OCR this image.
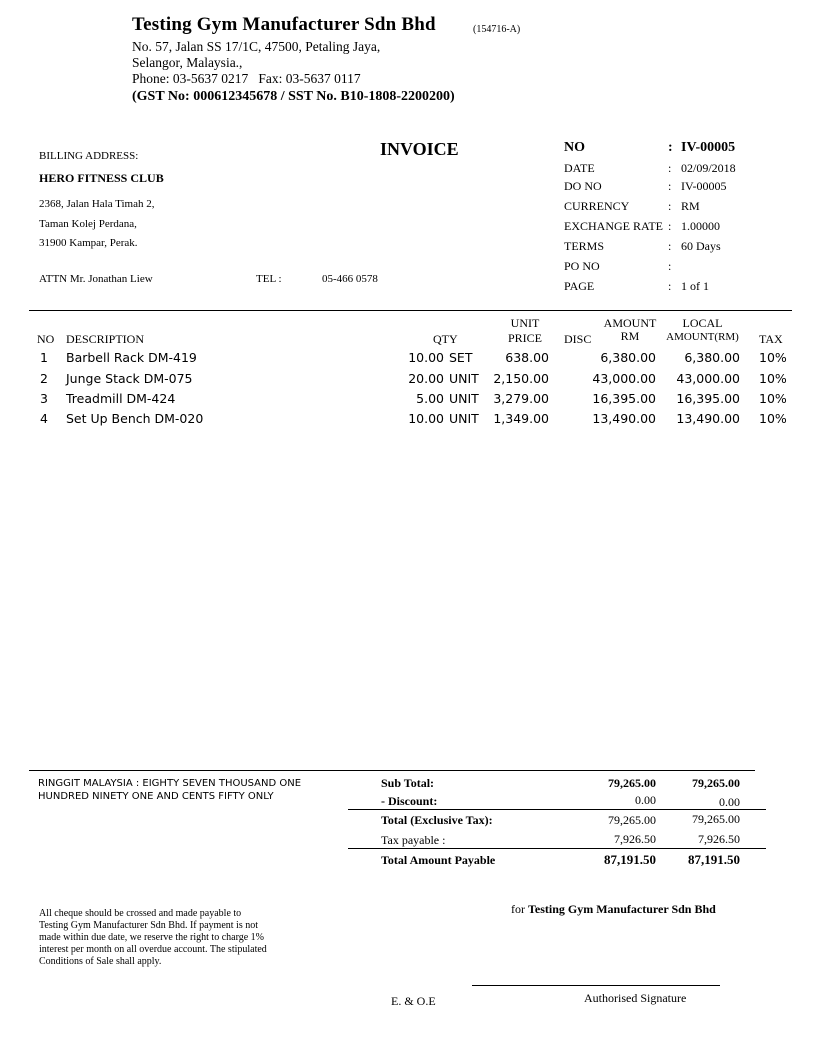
Testing Gym Manufacturer Sdn Bhd	(154716-A)
No. 57, Jalan SS 17/1C, 47500, Petaling Jaya,
Selangor, Malaysia.,
Phone: 03-5637 0217   Fax: 03-5637 0117
(GST No: 000612345678 / SST No. B10-1808-2200200)
INVOICE
BILLING ADDRESS:
HERO FITNESS CLUB
2368, Jalan Hala Timah 2,
Taman Kolej Perdana,
31900 Kampar, Perak.
ATTN Mr. Jonathan Liew	TEL :	05-466 0578
NO	: IV-00005
DATE	: 02/09/2018
DO NO	: IV-00005
CURRENCY	: RM
EXCHANGE RATE : 1.00000
TERMS	: 60 Days
PO NO	:
PAGE	: 1 of 1
NO DESCRIPTION	QTY
UNIT
PRICE	DISC
AMOUNT
RM
LOCAL
AMOUNT(RM)	TAX
1 Barbell Rack DM-419	10.00 SET	638.00	6,380.00	6,380.00 10%
2 Junge Stack DM-075	20.00 UNIT	2,150.00	43,000.00	43,000.00 10%
3 Treadmill DM-424	5.00 UNIT	3,279.00	16,395.00	16,395.00 10%
4 Set Up Bench DM-020	10.00 UNIT	1,349.00	13,490.00	13,490.00 10%
RINGGIT MALAYSIA : EIGHTY SEVEN THOUSAND ONE
HUNDRED NINETY ONE AND CENTS FIFTY ONLY
Sub Total:	79,265.00	79,265.00
- Discount:	0.00	0.00
Total (Exclusive Tax):	79,265.00	79,265.00
Tax payable :	7,926.50	7,926.50
Total Amount Payable	87,191.50	87,191.50
All cheque should be crossed and made payable to
Testing Gym Manufacturer Sdn Bhd. If payment is not
made within due date, we reserve the right to charge 1%
interest per month on all overdue account. The stipulated
Conditions of Sale shall apply.
for Testing Gym Manufacturer Sdn Bhd
E. & O.E	Authorised Signature
